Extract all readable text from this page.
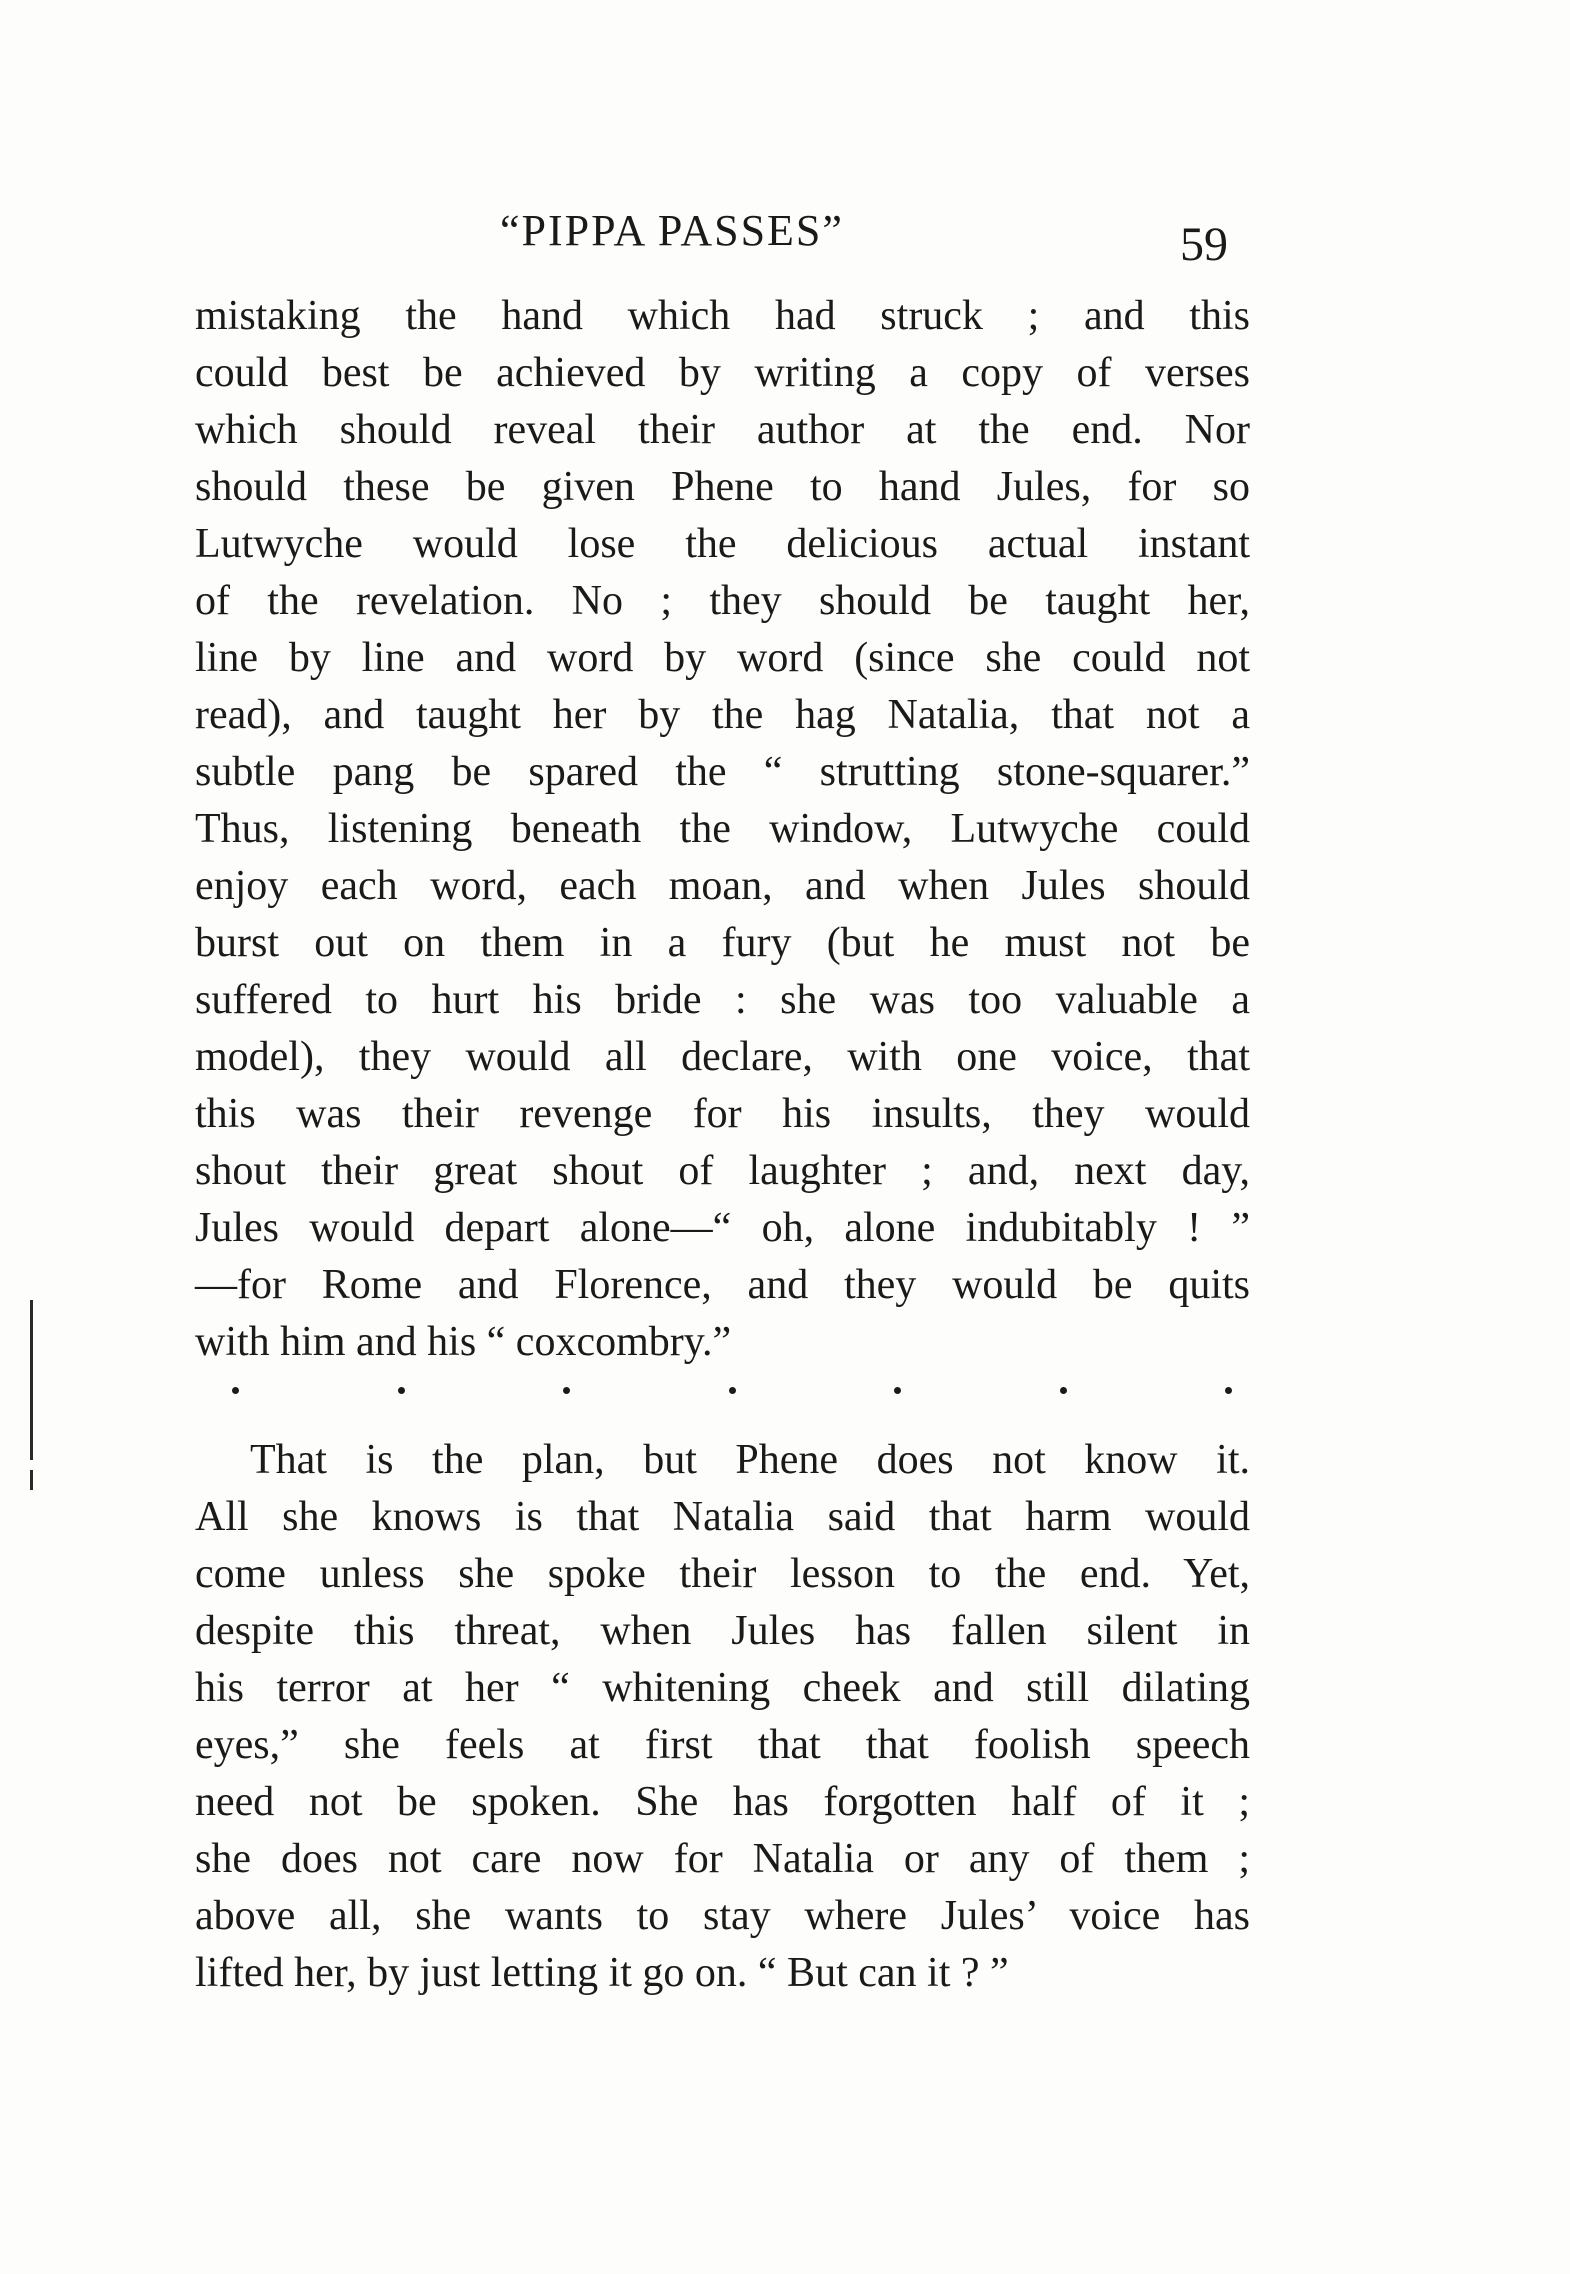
“PIPPA PASSES”	59
mistaking the hand which had struck ; and this
could best be achieved by writing a copy of verses
which should reveal their author at the end. Nor
should these be given Phene to hand Jules, for so
Lutwyche would lose the delicious actual instant
of the revelation. No ; they should be taught her,
line by line and word by word (since she could not
read), and taught her by the hag Natalia, that not a
subtle pang be spared the “ strutting stone-squarer.”
Thus, listening beneath the window, Lutwyche could
enjoy each word, each moan, and when Jules should
burst out on them in a fury (but he must not be
suffered to hurt his bride : she was too valuable a
model), they would all declare, with one voice, that
this was their revenge for his insults, they would
shout their great shout of laughter ; and, next day,
Jules would depart alone—“ oh, alone indubitably ! ”
—for Rome and Florence, and they would be quits
with him and his “ coxcombry.”
That is the plan, but Phene does not know it.
All she knows is that Natalia said that harm would
come unless she spoke their lesson to the end. Yet,
despite this threat, when Jules has fallen silent in
his terror at her “ whitening cheek and still dilating
eyes,” she feels at first that that foolish speech
need not be spoken. She has forgotten half of it ;
she does not care now for Natalia or any of them ;
above all, she wants to stay where Jules’ voice has
lifted her, by just letting it go on. “ But can it ? ”
